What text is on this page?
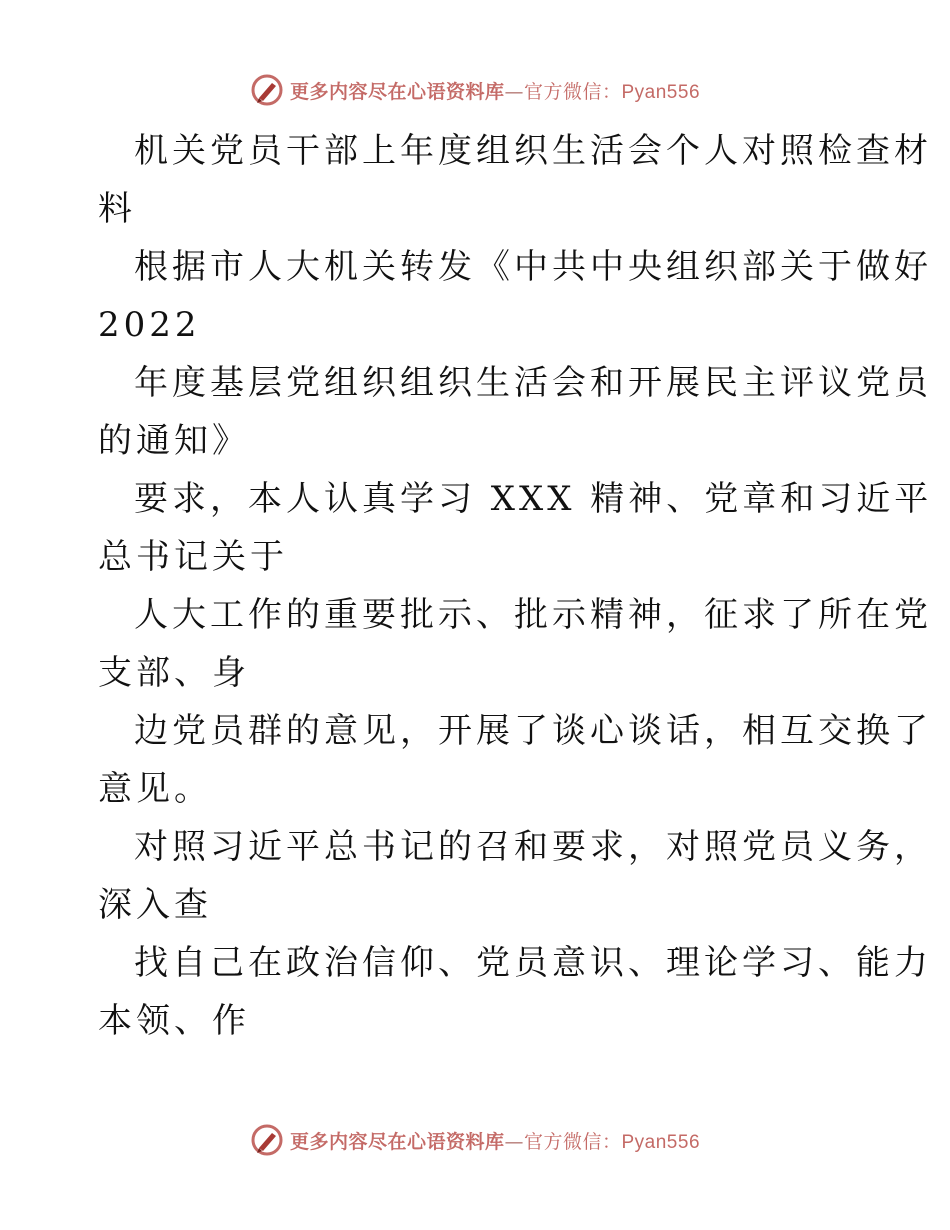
更多内容尽在心语资料库—官方微信：Pyan556
机关党员干部上年度组织生活会个人对照检查材
料
根据市人大机关转发《中共中央组织部关于做好
2022
年度基层党组织组织生活会和开展民主评议党员
的通知》
要求，本人认真学习 XXX 精神、党章和习近平
总书记关于
人大工作的重要批示、批示精神，征求了所在党
支部、身
边党员群的意见，开展了谈心谈话，相互交换了
意见。
对照习近平总书记的召和要求，对照党员义务，
深入查
找自己在政治信仰、党员意识、理论学习、能力
本领、作
更多内容尽在心语资料库—官方微信：Pyan556
